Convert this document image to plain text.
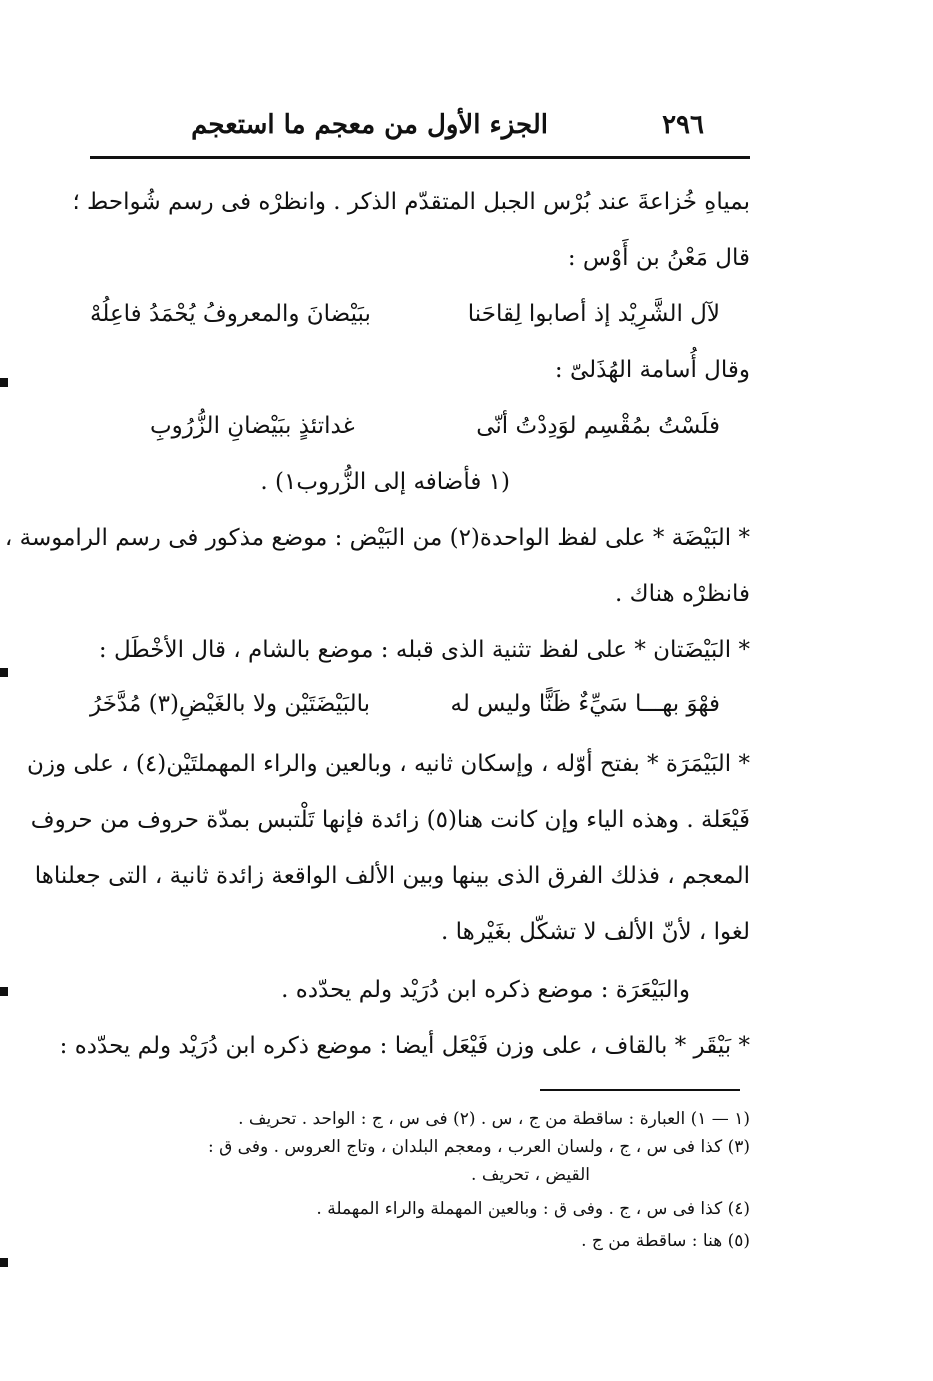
٢٩٦
الجزء الأول من معجم ما استعجم
بمياهِ خُزاعةَ عند بُرْس الجبل المتقدّم الذكر . وانظرْه فى رسم شُواحط ؛
قال مَعْنُ بن أَوْس :
لآل الشَّرِيْد إذ أصابوا لِقاحَنا
ببَيْضانَ والمعروفُ يُحْمَدُ فاعِلُهْ
وقال أُسامة الهُذَلىّ :
فلَسْتُ بمُقْسِم لوَدِدْتُ أنّى
غداتئذٍ ببَيْضانِ الزُّرُوبِ
(١ فأضافه إلى الزُّروب١) .
* البَيْضَة * على لفظ الواحدة(٢) من البَيْض : موضع مذكور فى رسم الراموسة ،
فانظرْه هناك .
* البَيْضَتان * على لفظ تثنية الذى قبله : موضع بالشام ، قال الأخْطَل :
فهْوَ بهـــا سَيِّءٌ ظَنًّا وليس له
بالبَيْضَتَيْن ولا بالغَيْضِ(٣) مُدَّخَرُ
* البَيْمَرَة * بفتح أوّله ، وإسكان ثانيه ، وبالعين والراء المهملتَيْن(٤) ، على وزن
فَيْعَلة . وهذه الياء وإن كانت هنا(٥) زائدة فإنها تَلْتبس بمدّة حروف من حروف
المعجم ، فذلك الفرق الذى بينها وبين الألف الواقعة زائدة ثانية ، التى جعلناها
لغوا ، لأنّ الألف لا تشكّل بغَيْرها .
والبَيْعَرَة : موضع ذكره ابن دُرَيْد ولم يحدّده .
* بَيْقَر * بالقاف ، على وزن فَيْعَل أيضا : موضع ذكره ابن دُرَيْد ولم يحدّده :
(١ — ١) العبارة : ساقطة من ج ، س . (٢) فى س ، ج : الواحد . تحريف .
(٣) كذا فى س ، ج ، ولسان العرب ، ومعجم البلدان ، وتاج العروس . وفى ق :
القيض ، تحريف .
(٤) كذا فى س ، ج . وفى ق : وبالعين المهملة والراء المهملة .
(٥) هنا : ساقطة من ج .
